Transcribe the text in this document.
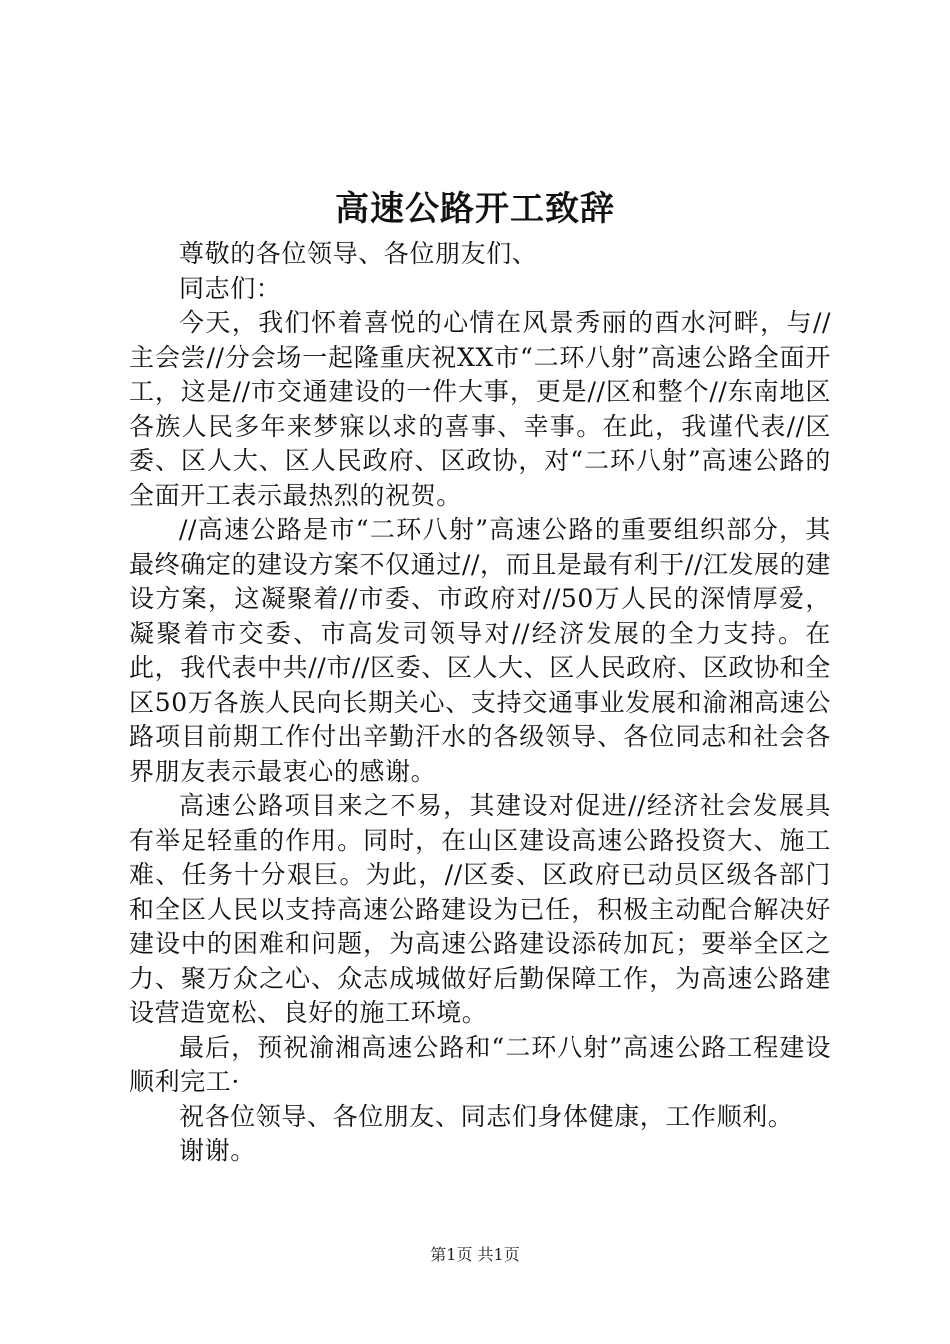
高速公路开工致辞

尊敬的各位领导、各位朋友们、

同志们：

今天，我们怀着喜悦的心情在风景秀丽的酉水河畔，与//主会尝//分会场一起隆重庆祝XX市“二环八射”高速公路全面开工，这是//市交通建设的一件大事，更是//区和整个//东南地区各族人民多年来梦寐以求的喜事、幸事。在此，我谨代表//区委、区人大、区人民政府、区政协，对“二环八射”高速公路的全面开工表示最热烈的祝贺。

//高速公路是市“二环八射”高速公路的重要组织部分，其最终确定的建设方案不仅通过//，而且是最有利于//江发展的建设方案，这凝聚着//市委、市政府对//50万人民的深情厚爱，凝聚着市交委、市高发司领导对//经济发展的全力支持。在此，我代表中共//市//区委、区人大、区人民政府、区政协和全区50万各族人民向长期关心、支持交通事业发展和渝湘高速公路项目前期工作付出辛勤汗水的各级领导、各位同志和社会各界朋友表示最衷心的感谢。

高速公路项目来之不易，其建设对促进//经济社会发展具有举足轻重的作用。同时，在山区建设高速公路投资大、施工难、任务十分艰巨。为此，//区委、区政府已动员区级各部门和全区人民以支持高速公路建设为已任，积极主动配合解决好建设中的困难和问题，为高速公路建设添砖加瓦；要举全区之力、聚万众之心、众志成城做好后勤保障工作，为高速公路建设营造宽松、良好的施工环境。

最后，预祝渝湘高速公路和“二环八射”高速公路工程建设顺利完工·

祝各位领导、各位朋友、同志们身体健康，工作顺利。

谢谢。

第1页 共1页
